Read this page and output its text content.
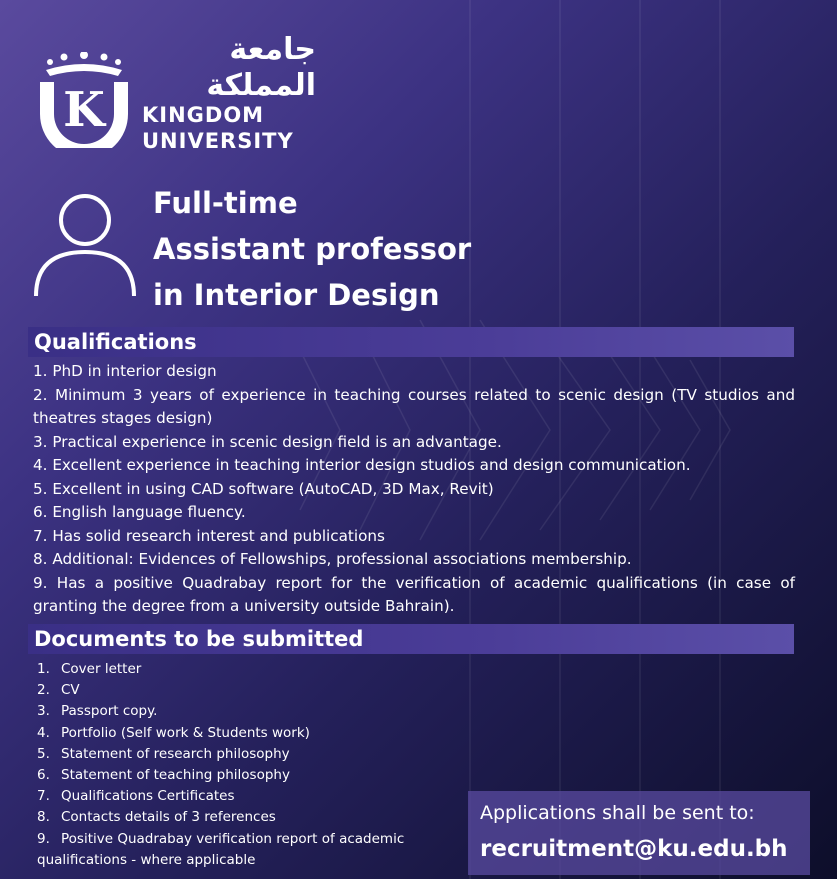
K
جامعة المملكة
KINGDOM
UNIVERSITY
Full-time
Assistant professor
in Interior Design
Qualifications
1. PhD in interior design
2. Minimum 3 years of experience in teaching courses related to scenic design (TV studios and theatres stages design)
3. Practical experience in scenic design field is an advantage.
4. Excellent experience in teaching interior design studios and design communication.
5. Excellent in using CAD software (AutoCAD, 3D Max, Revit)
6. English language fluency.
7. Has solid research interest and publications
8. Additional: Evidences of Fellowships, professional associations membership.
9. Has a positive Quadrabay report for the verification of academic qualifications (in case of granting the degree from a university outside Bahrain).
Documents to be submitted
1. Cover letter
2. CV
3. Passport copy.
4. Portfolio (Self work & Students work)
5. Statement of research philosophy
6. Statement of teaching philosophy
7. Qualifications Certificates
8. Contacts details of 3 references
9. Positive Quadrabay verification report of academic
qualifications - where applicable
Applications shall be sent to:
recruitment@ku.edu.bh
